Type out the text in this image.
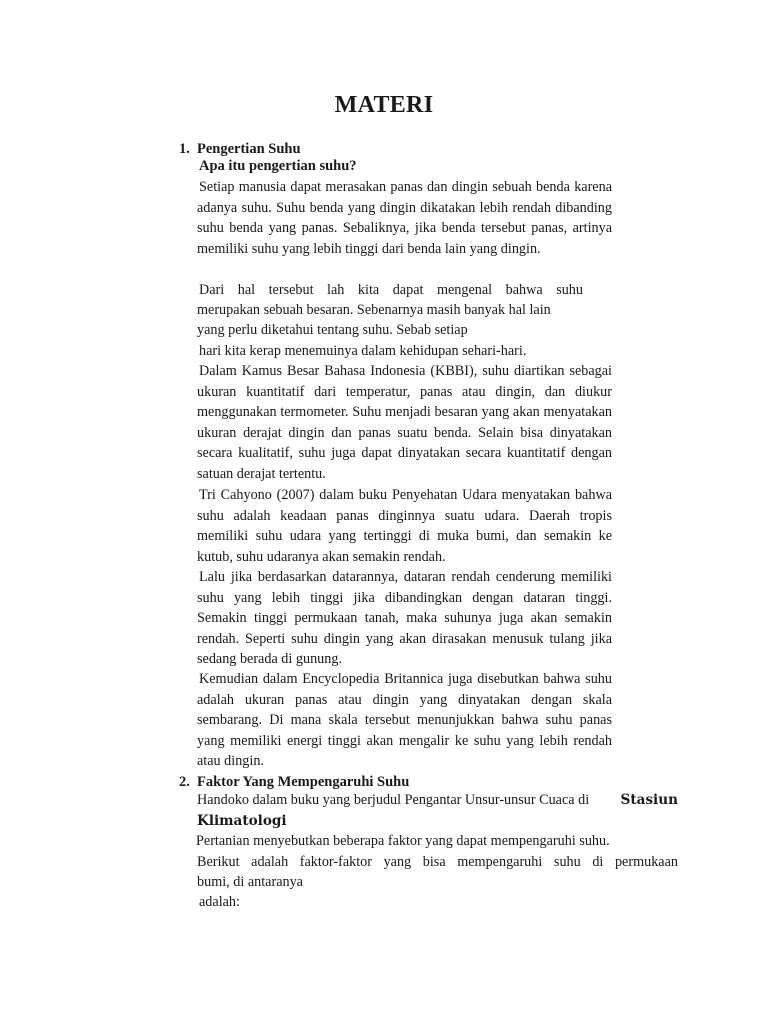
MATERI
1. Pengertian Suhu
Apa itu pengertian suhu?

Setiap manusia dapat merasakan panas dan dingin sebuah benda karena adanya suhu. Suhu benda yang dingin dikatakan lebih rendah dibanding suhu benda yang panas. Sebaliknya, jika benda tersebut panas, artinya memiliki suhu yang lebih tinggi dari benda lain yang dingin.

Dari hal tersebut lah kita dapat mengenal bahwa suhu

merupakan sebuah besaran. Sebenarnya masih banyak hal lain

yang perlu diketahui tentang suhu. Sebab setiap

hari kita kerap menemuinya dalam kehidupan sehari-hari.

Dalam Kamus Besar Bahasa Indonesia (KBBI), suhu diartikan sebagai ukuran kuantitatif dari temperatur, panas atau dingin, dan diukur menggunakan termometer. Suhu menjadi besaran yang akan menyatakan ukuran derajat dingin dan panas suatu benda. Selain bisa dinyatakan secara kualitatif, suhu juga dapat dinyatakan secara kuantitatif dengan satuan derajat tertentu.

Tri Cahyono (2007) dalam buku Penyehatan Udara menyatakan bahwa suhu adalah keadaan panas dinginnya suatu udara. Daerah tropis memiliki suhu udara yang tertinggi di muka bumi, dan semakin ke kutub, suhu udaranya akan semakin rendah.

Lalu jika berdasarkan datarannya, dataran rendah cenderung memiliki suhu yang lebih tinggi jika dibandingkan dengan dataran tinggi. Semakin tinggi permukaan tanah, maka suhunya juga akan semakin rendah. Seperti suhu dingin yang akan dirasakan menusuk tulang jika sedang berada di gunung.

Kemudian dalam Encyclopedia Britannica juga disebutkan bahwa suhu adalah ukuran panas atau dingin yang dinyatakan dengan skala sembarang. Di mana skala tersebut menunjukkan bahwa suhu panas yang memiliki energi tinggi akan mengalir ke suhu yang lebih rendah atau dingin.

2. Faktor Yang Mempengaruhi Suhu

Handoko dalam buku yang berjudul Pengantar Unsur-unsur Cuaca di Stasiun

Klimatologi

Pertanian menyebutkan beberapa faktor yang dapat mempengaruhi suhu.

Berikut adalah faktor-faktor yang bisa mempengaruhi suhu di permukaan

bumi, di antaranya

adalah:
